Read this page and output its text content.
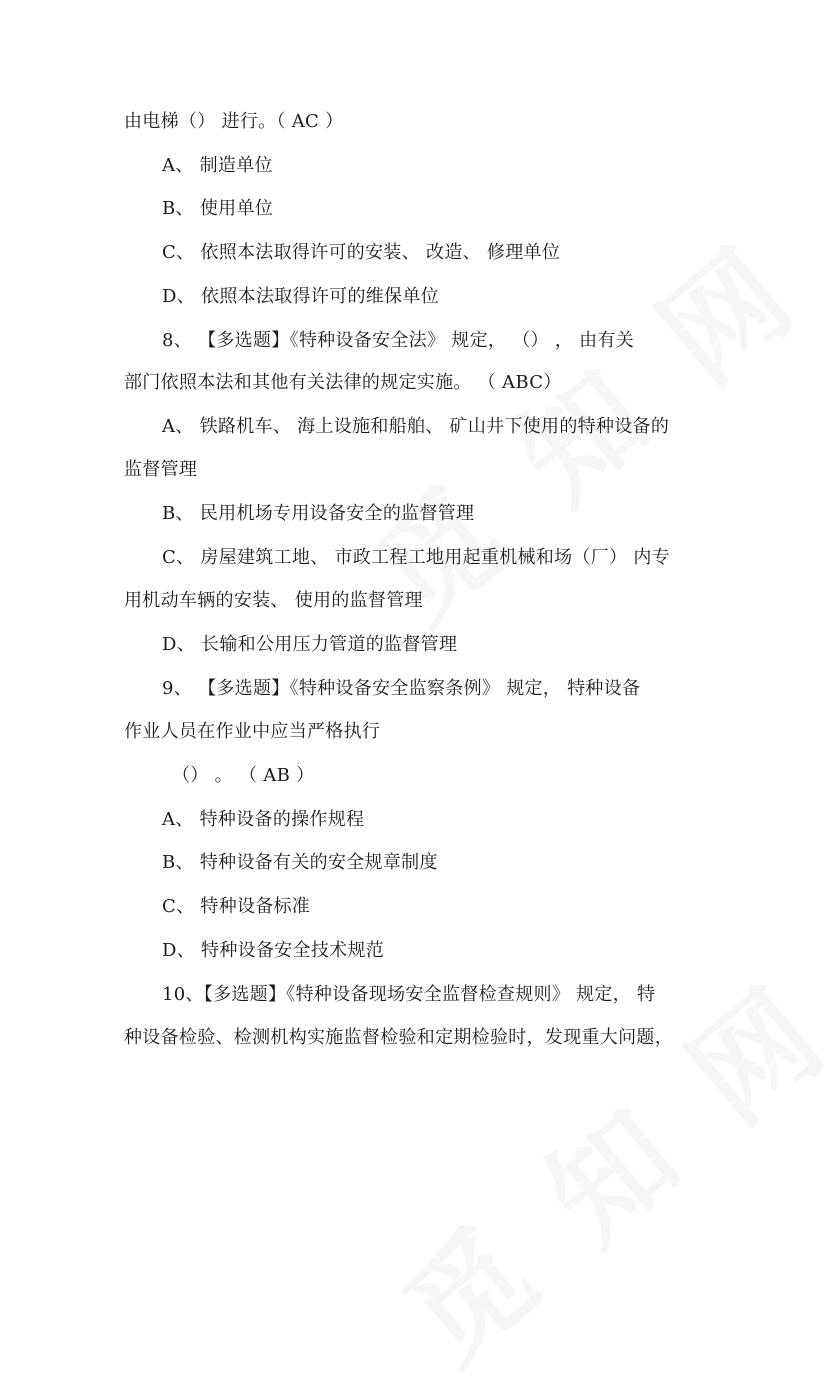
由电梯（） 进行。（ AC ）
A、 制造单位
B、 使用单位
C、 依照本法取得许可的安装、 改造、 修理单位
D、 依照本法取得许可的维保单位
8、 【多选题】《特种设备安全法》 规定， （） ， 由有关
部门依照本法和其他有关法律的规定实施。 （ ABC）
A、 铁路机车、 海上设施和船舶、 矿山井下使用的特种设备的
监督管理
B、 民用机场专用设备安全的监督管理
C、 房屋建筑工地、 市政工程工地用起重机械和场（厂） 内专
用机动车辆的安装、 使用的监督管理
D、 长输和公用压力管道的监督管理
9、 【多选题】《特种设备安全监察条例》 规定， 特种设备
作业人员在作业中应当严格执行
（） 。 （ AB ）
A、 特种设备的操作规程
B、 特种设备有关的安全规章制度
C、 特种设备标准
D、 特种设备安全技术规范
10、【多选题】《特种设备现场安全监督检查规则》 规定， 特
种设备检验、检测机构实施监督检验和定期检验时，发现重大问题，
